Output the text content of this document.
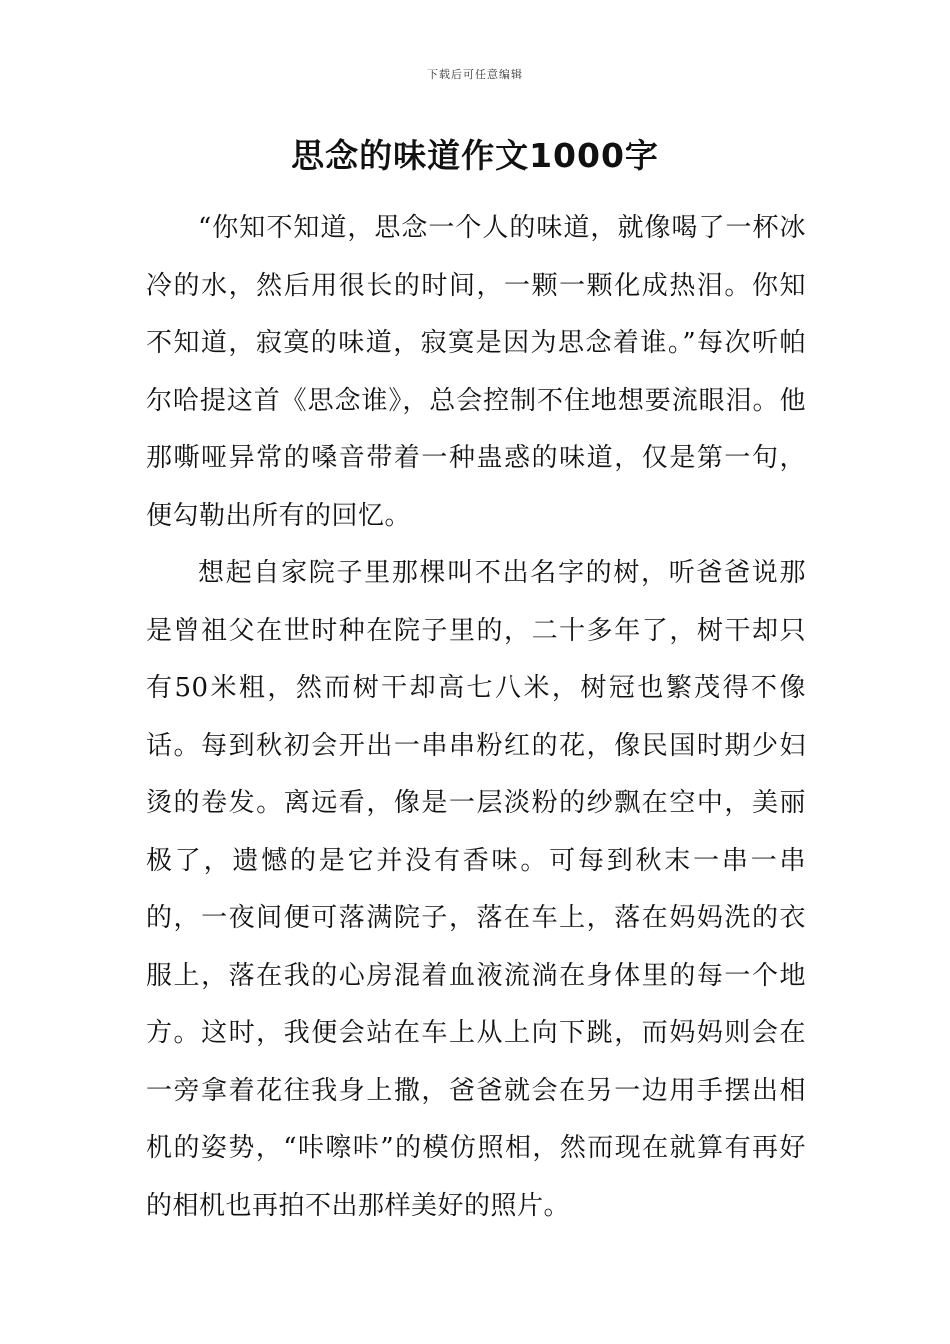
下载后可任意编辑
思念的味道作文1000字

“你知不知道，思念一个人的味道，就像喝了一杯冰冷的水，然后用很长的时间，一颗一颗化成热泪。你知不知道，寂寞的味道，寂寞是因为思念着谁。”每次听帕尔哈提这首《思念谁》，总会控制不住地想要流眼泪。他那嘶哑异常的嗓音带着一种蛊惑的味道，仅是第一句，便勾勒出所有的回忆。

想起自家院子里那棵叫不出名字的树，听爸爸说那是曾祖父在世时种在院子里的，二十多年了，树干却只有50米粗，然而树干却高七八米，树冠也繁茂得不像话。每到秋初会开出一串串粉红的花，像民国时期少妇烫的卷发。离远看，像是一层淡粉的纱飘在空中，美丽极了，遗憾的是它并没有香味。可每到秋末一串一串的，一夜间便可落满院子，落在车上，落在妈妈洗的衣服上，落在我的心房混着血液流淌在身体里的每一个地方。这时，我便会站在车上从上向下跳，而妈妈则会在一旁拿着花往我身上撒，爸爸就会在另一边用手摆出相机的姿势，“咔嚓咔”的模仿照相，然而现在就算有再好的相机也再拍不出那样美好的照片。
